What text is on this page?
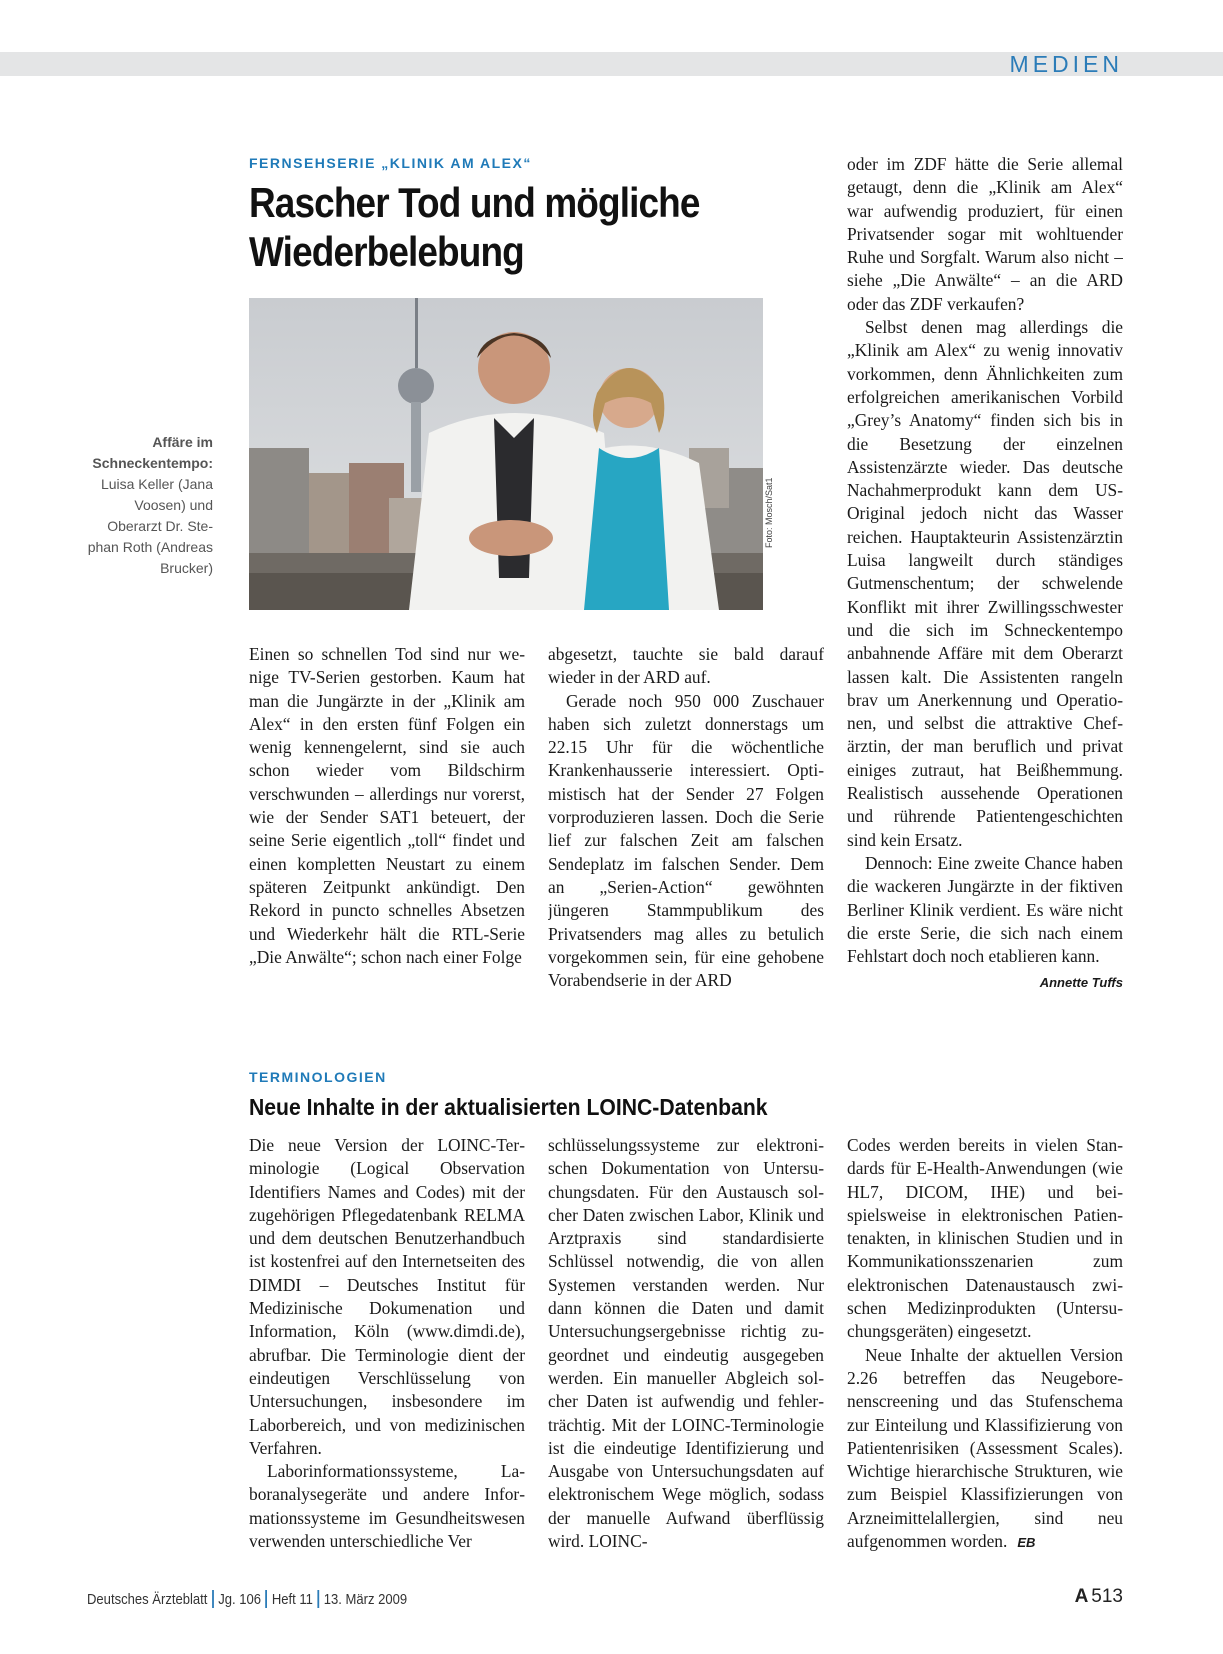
MEDIEN
FERNSEHSERIE „KLINIK AM ALEX“
Rascher Tod und mögliche
Wiederbelebung
Foto: Mosch/Sat1
Affäre im
Schneckentempo:
Luisa Keller (Jana
Voosen) und
Oberarzt Dr. Ste-
phan Roth (Andreas
Brucker)

Einen so schnellen Tod sind nur wenige TV-Serien gestorben. Kaum hat man die Jungärzte in der „Klinik am Alex“ in den ersten fünf Folgen ein wenig kennengelernt, sind sie auch schon wieder vom Bildschirm verschwunden – allerdings nur vorerst, wie der Sender SAT1 beteuert, der seine Serie eigentlich „toll“ findet und einen kompletten Neustart zu einem späteren Zeitpunkt ankündigt. Den Rekord in puncto schnelles Absetzen und Wiederkehr hält die RTL-Serie „Die Anwälte“; schon nach einer Folge

abgesetzt, tauchte sie bald darauf wieder in der ARD auf.

Gerade noch 950 000 Zuschauer haben sich zuletzt donnerstags um 22.15 Uhr für die wöchentliche Krankenhausserie interessiert. Optimistisch hat der Sender 27 Folgen vorproduzieren lassen. Doch die Serie lief zur falschen Zeit am falschen Sendeplatz im falschen Sender. Dem an „Serien-Action“ gewöhnten jüngeren Stammpublikum des Privatsenders mag alles zu betulich vorgekommen sein, für eine gehobene Vorabendserie in der ARD

oder im ZDF hätte die Serie allemal getaugt, denn die „Klinik am Alex“ war aufwendig produziert, für einen Privatsender sogar mit wohltuender Ruhe und Sorgfalt. Warum also nicht – siehe „Die Anwälte“ – an die ARD oder das ZDF verkaufen?

Selbst denen mag allerdings die „Klinik am Alex“ zu wenig innovativ vorkommen, denn Ähnlichkeiten zum erfolgreichen amerikanischen Vorbild „Grey’s Anatomy“ finden sich bis in die Besetzung der einzelnen Assistenzärzte wieder. Das deutsche Nachahmerprodukt kann dem US-Original jedoch nicht das Wasser reichen. Hauptakteurin Assistenzärztin Luisa langweilt durch ständiges Gutmenschentum; der schwelende Konflikt mit ihrer Zwillingsschwester und die sich im Schneckentempo anbahnende Affäre mit dem Oberarzt lassen kalt. Die Assistenten rangeln brav um Anerkennung und Operationen, und selbst die attraktive Chefärztin, der man beruflich und privat einiges zutraut, hat Beißhemmung. Realistisch aussehende Operationen und rührende Patientengeschichten sind kein Ersatz.

Dennoch: Eine zweite Chance haben die wackeren Jungärzte in der fiktiven Berliner Klinik verdient. Es wäre nicht die erste Serie, die sich nach einem Fehlstart doch noch etablieren kann.
Annette Tuffs

TERMINOLOGIEN
Neue Inhalte in der aktualisierten LOINC-Datenbank

Die neue Version der LOINC-Terminologie (Logical Observation Identifiers Names and Codes) mit der zugehörigen Pflegedatenbank RELMA und dem deutschen Benutzerhandbuch ist kostenfrei auf den Internetseiten des DIMDI – Deutsches Institut für Medizinische Dokumenation und Information, Köln (www.dimdi.de), abrufbar. Die Terminologie dient der eindeutigen Verschlüsselung von Untersuchungen, insbesondere im Laborbereich, und von medizinischen Verfahren.

Laborinformationssysteme, Laboranalysegeräte und andere Informationssysteme im Gesundheitswesen verwenden unterschiedliche Ver

schlüsselungssysteme zur elektronischen Dokumentation von Untersuchungsdaten. Für den Austausch solcher Daten zwischen Labor, Klinik und Arztpraxis sind standardisierte Schlüssel notwendig, die von allen Systemen verstanden werden. Nur dann können die Daten und damit Untersuchungsergebnisse richtig zugeordnet und eindeutig ausgegeben werden. Ein manueller Abgleich solcher Daten ist aufwendig und fehlerträchtig. Mit der LOINC-Terminologie ist die eindeutige Identifizierung und Ausgabe von Untersuchungsdaten auf elektronischem Wege möglich, sodass der manuelle Aufwand überflüssig wird. LOINC-

Codes werden bereits in vielen Standards für E-Health-Anwendungen (wie HL7, DICOM, IHE) und beispielsweise in elektronischen Patientenakten, in klinischen Studien und in Kommunikationsszenarien zum elektronischen Datenaustausch zwischen Medizinprodukten (Untersuchungsgeräten) eingesetzt.

Neue Inhalte der aktuellen Version 2.26 betreffen das Neugeborenenscreening und das Stufenschema zur Einteilung und Klassifizierung von Patientenrisiken (Assessment Scales). Wichtige hierarchische Strukturen, wie zum Beispiel Klassifizierungen von Arzneimittelallergien, sind neu aufgenommen worden. EB

Deutsches Ärzteblatt Jg. 106 Heft 11 13. März 2009	A 513
